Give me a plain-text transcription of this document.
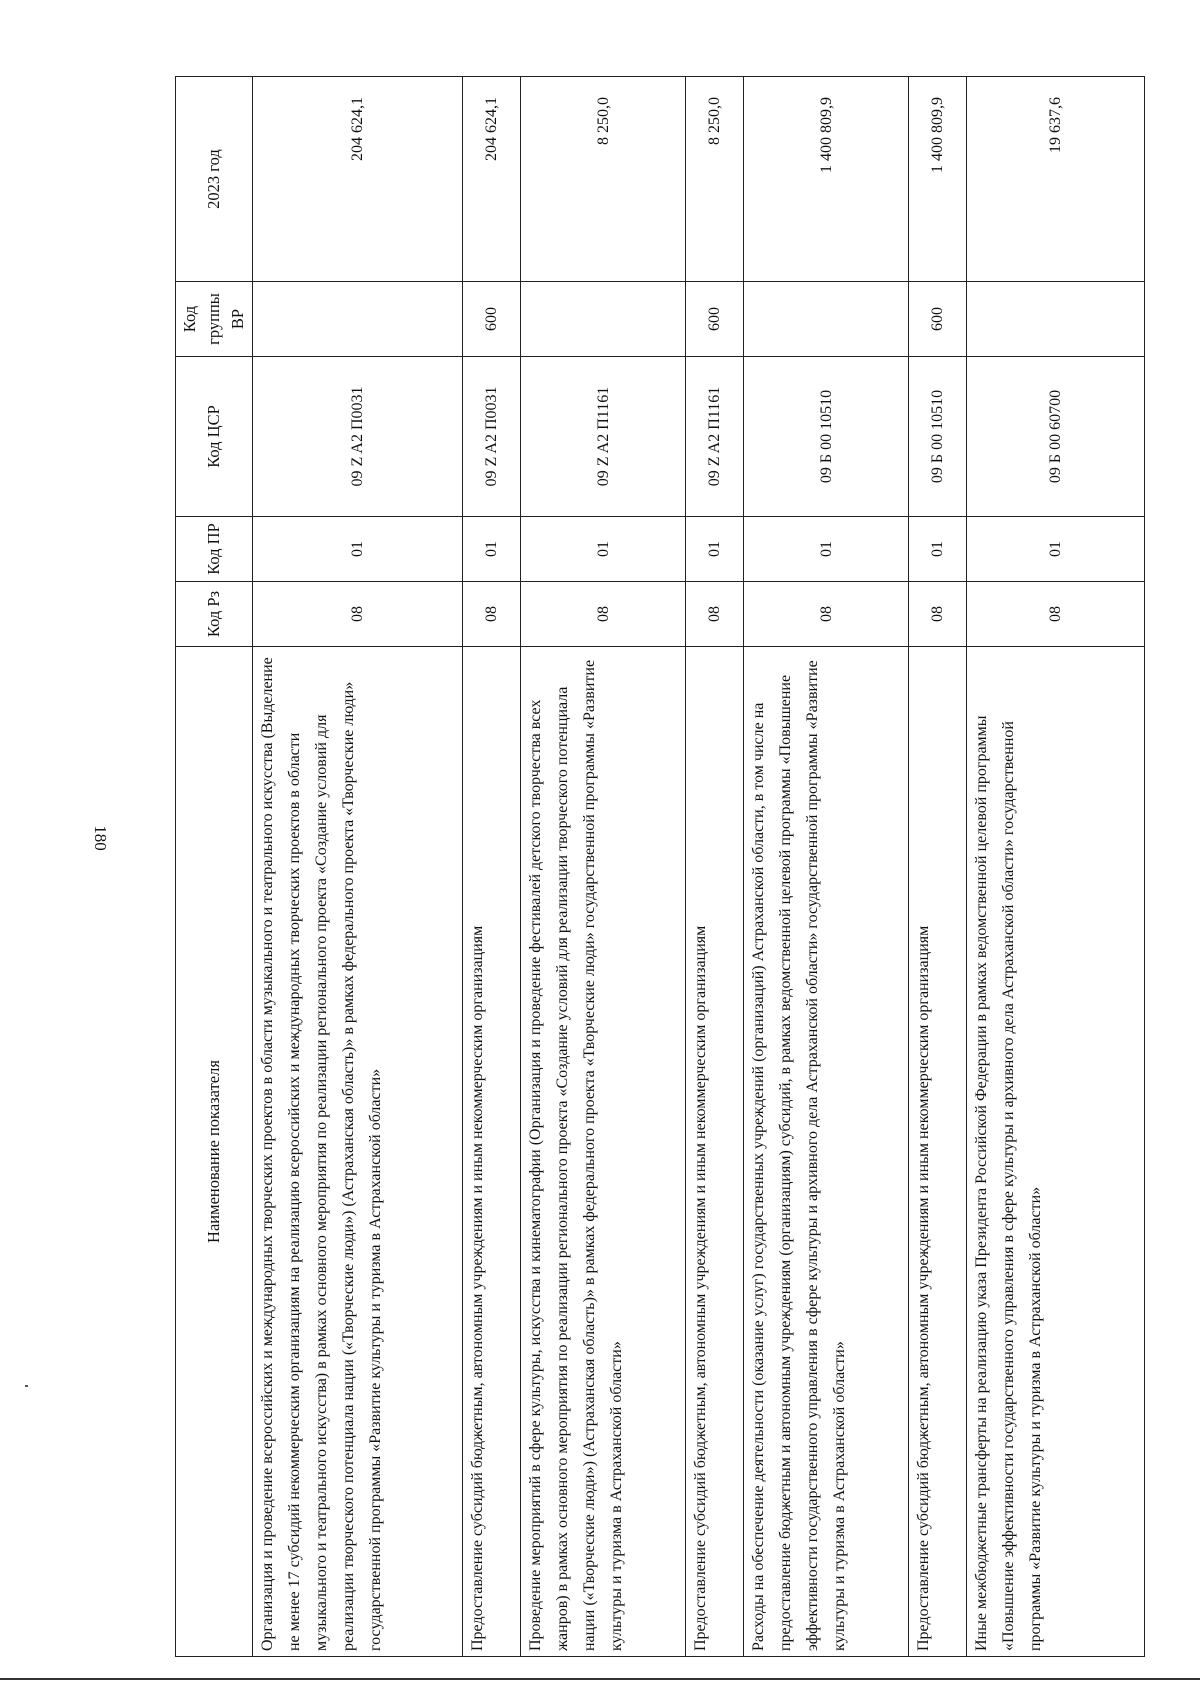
180
Наименование показателя	Код Рз	Код ПР	Код ЦСР	Код группы ВР	2023 год
Организация и проведение всероссийских и международных творческих проектов в области музыкального и театрального искусства (Выделение не менее 17 субсидий некоммерческим организациям на реализацию всероссийских и международных творческих проектов в области музыкального и театрального искусства) в рамках основного мероприятия по реализации регионального проекта «Создание условий для реализации творческого потенциала нации («Творческие люди») (Астраханская область)» в рамках федерального проекта «Творческие люди» государственной программы «Развитие культуры и туризма в Астраханской области»	08	01	09 Z A2 П0031		204 624,1
Предоставление субсидий бюджетным, автономным учреждениям и иным некоммерческим организациям	08	01	09 Z A2 П0031	600	204 624,1
Проведение мероприятий в сфере культуры, искусства и кинематографии (Организация и проведение фестивалей детского творчества всех жанров) в рамках основного мероприятия по реализации регионального проекта «Создание условий для реализации творческого потенциала нации («Творческие люди») (Астраханская область)» в рамках федерального проекта «Творческие люди» государственной программы «Развитие культуры и туризма в Астраханской области»	08	01	09 Z A2 П1161		8 250,0
Предоставление субсидий бюджетным, автономным учреждениям и иным некоммерческим организациям	08	01	09 Z A2 П1161	600	8 250,0
Расходы на обеспечение деятельности (оказание услуг) государственных учреждений (организаций) Астраханской области, в том числе на предоставление бюджетным и автономным учреждениям (организациям) субсидий, в рамках ведомственной целевой программы «Повышение эффективности государственного управления в сфере культуры и архивного дела Астраханской области» государственной программы «Развитие культуры и туризма в Астраханской области»	08	01	09 Б 00 10510		1 400 809,9
Предоставление субсидий бюджетным, автономным учреждениям и иным некоммерческим организациям	08	01	09 Б 00 10510	600	1 400 809,9
Иные межбюджетные трансферты на реализацию указа Президента Российской Федерации в рамках ведомственной целевой программы «Повышение эффективности государственного управления в сфере культуры и архивного дела Астраханской области» государственной программы «Развитие культуры и туризма в Астраханской области»	08	01	09 Б 00 60700		19 637,6
